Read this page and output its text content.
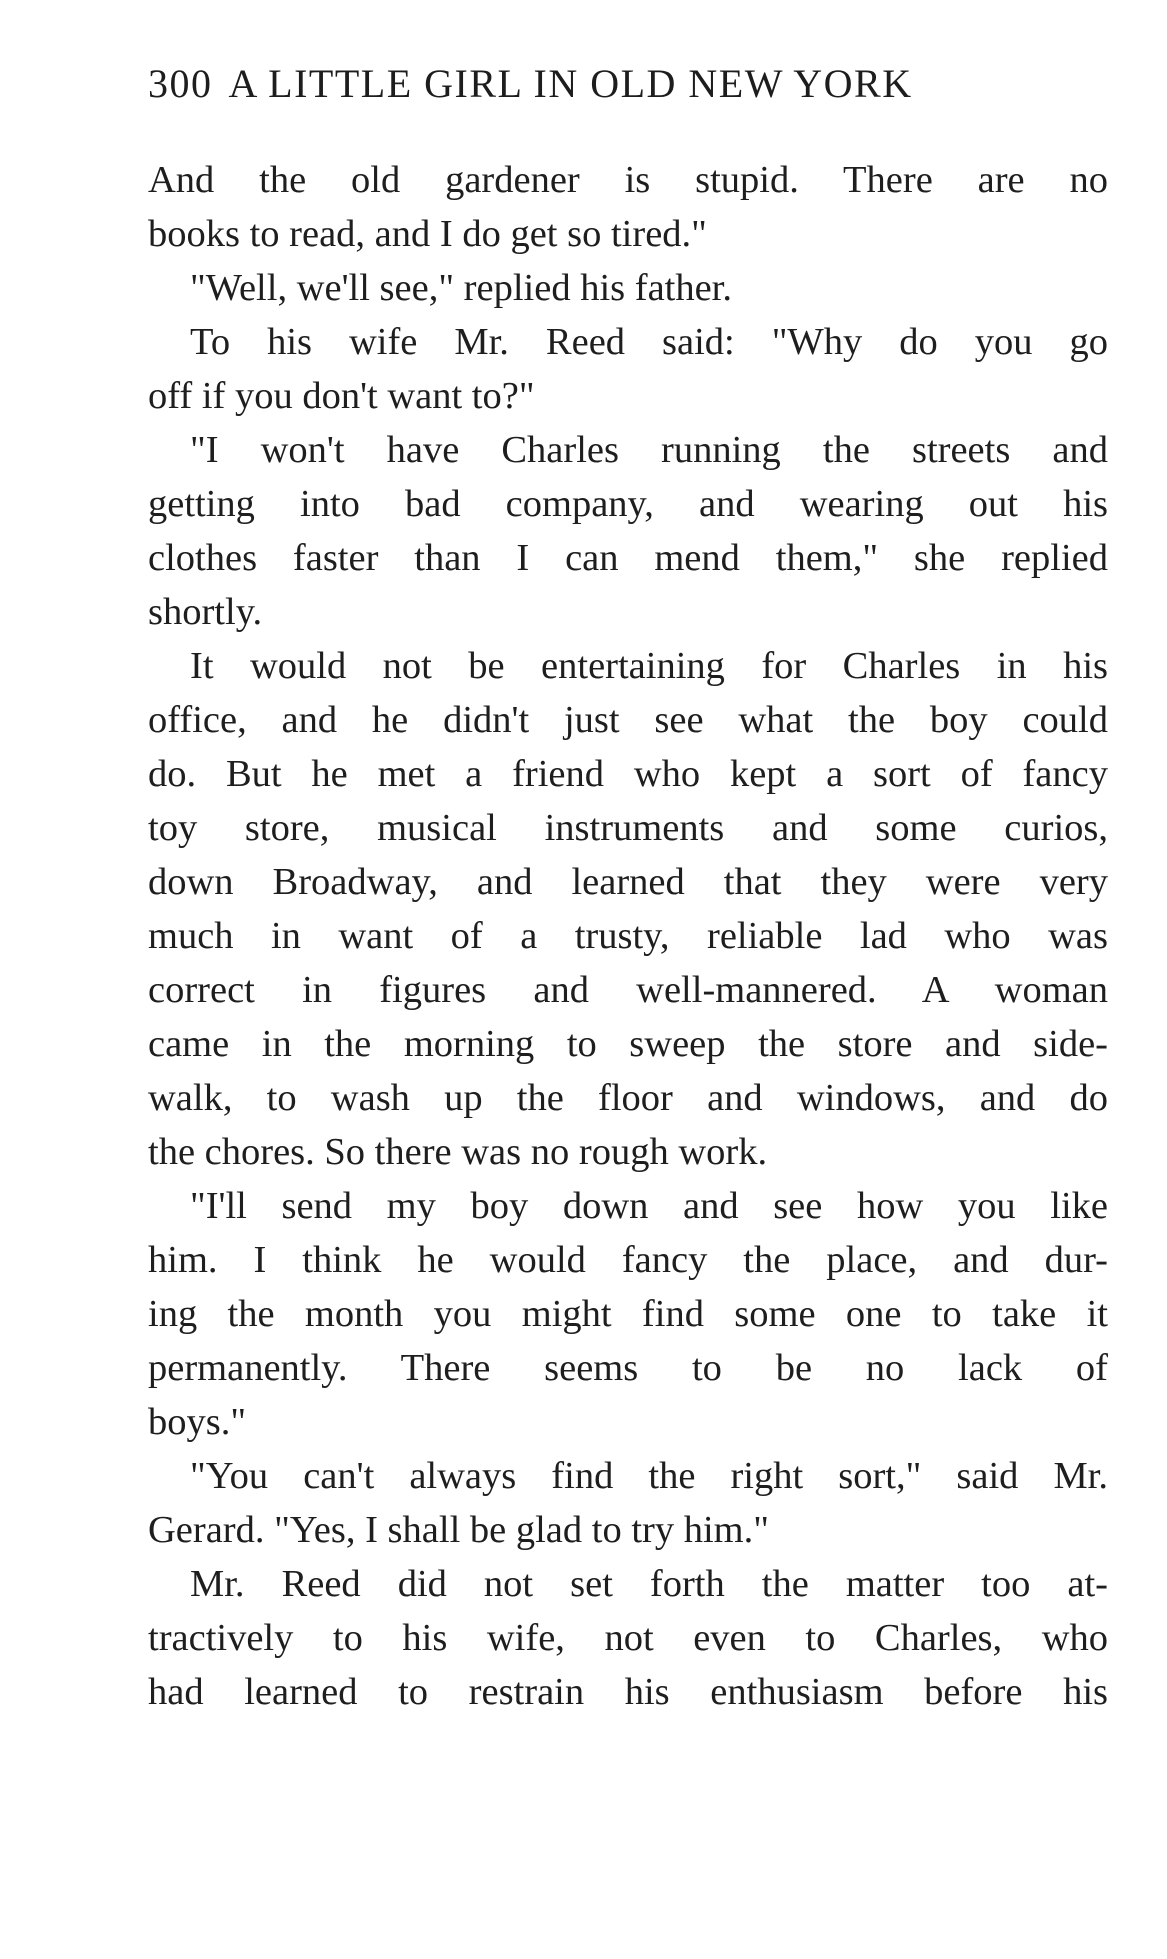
300 A LITTLE GIRL IN OLD NEW YORK
And the old gardener is stupid. There are no
books to read, and I do get so tired."
"Well, we'll see," replied his father.
To his wife Mr. Reed said: "Why do you go
off if you don't want to?"
"I won't have Charles running the streets and
getting into bad company, and wearing out his
clothes faster than I can mend them," she replied
shortly.
It would not be entertaining for Charles in his
office, and he didn't just see what the boy could
do. But he met a friend who kept a sort of fancy
toy store, musical instruments and some curios,
down Broadway, and learned that they were very
much in want of a trusty, reliable lad who was
correct in figures and well-mannered. A woman
came in the morning to sweep the store and side-
walk, to wash up the floor and windows, and do
the chores. So there was no rough work.
"I'll send my boy down and see how you like
him. I think he would fancy the place, and dur-
ing the month you might find some one to take it
permanently. There seems to be no lack of
boys."
"You can't always find the right sort," said Mr.
Gerard. "Yes, I shall be glad to try him."
Mr. Reed did not set forth the matter too at-
tractively to his wife, not even to Charles, who
had learned to restrain his enthusiasm before his
